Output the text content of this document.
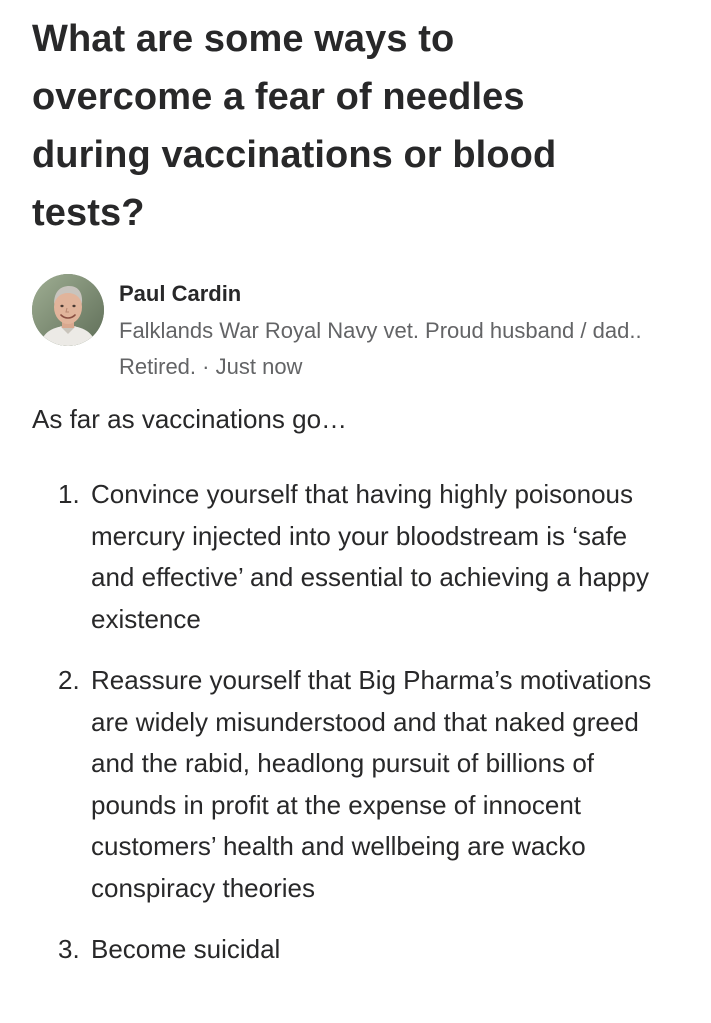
What are some ways to overcome a fear of needles during vaccinations or blood tests?
Paul Cardin
Falklands War Royal Navy vet. Proud husband / dad.. Retired. · Just now

As far as vaccinations go…

1. Convince yourself that having highly poisonous mercury injected into your bloodstream is ‘safe and effective’ and essential to achieving a happy existence
2. Reassure yourself that Big Pharma’s motivations are widely misunderstood and that naked greed and the rabid, headlong pursuit of billions of pounds in profit at the expense of innocent customers’ health and wellbeing are wacko conspiracy theories
3. Become suicidal
